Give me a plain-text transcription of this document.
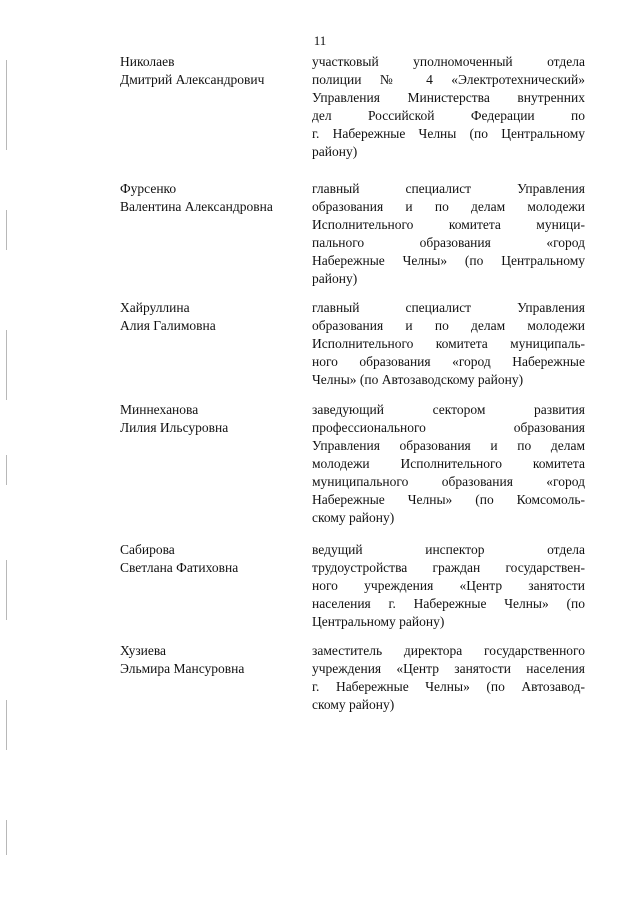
11
Николаев
Дмитрий Александрович
участковый уполномоченный отдела
полиции № 4 «Электротехнический»
Управления Министерства внутренних
дел Российской Федерации по
г. Набережные Челны (по Центральному
району)
Фурсенко
Валентина Александровна
главный специалист Управления
образования и по делам молодежи
Исполнительного комитета муници-
пального образования «город
Набережные Челны» (по Центральному
району)
Хайруллина
Алия Галимовна
главный специалист Управления
образования и по делам молодежи
Исполнительного комитета муниципаль-
ного образования «город Набережные
Челны» (по Автозаводскому району)
Миннеханова
Лилия Ильсуровна
заведующий сектором развития
профессионального образования
Управления образования и по делам
молодежи Исполнительного комитета
муниципального образования «город
Набережные Челны» (по Комсомоль-
скому району)
Сабирова
Светлана Фатиховна
ведущий инспектор отдела
трудоустройства граждан государствен-
ного учреждения «Центр занятости
населения г. Набережные Челны» (по
Центральному району)
Хузиева
Эльмира Мансуровна
заместитель директора государственного
учреждения «Центр занятости населения
г. Набережные Челны» (по Автозавод-
скому району)
